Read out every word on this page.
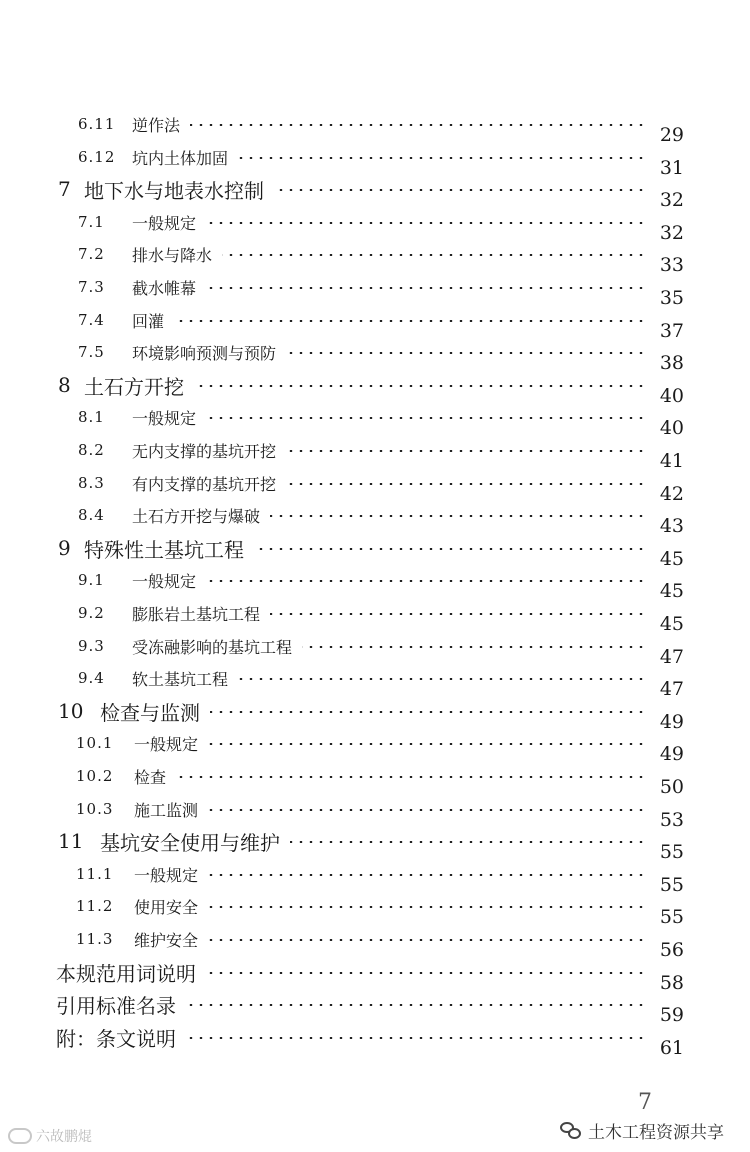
6.11 逆作法	29
6.12 坑内土体加固	31
7 地下水与地表水控制	32
7.1 一般规定	32
7.2 排水与降水	33
7.3 截水帷幕	35
7.4 回灌	37
7.5 环境影响预测与预防	38
8 土石方开挖	40
8.1 一般规定	40
8.2 无内支撑的基坑开挖	41
8.3 有内支撑的基坑开挖	42
8.4 土石方开挖与爆破	43
9 特殊性土基坑工程	45
9.1 一般规定	45
9.2 膨胀岩土基坑工程	45
9.3 受冻融影响的基坑工程	47
9.4 软土基坑工程	47
10 检查与监测	49
10.1 一般规定	49
10.2 检查	50
10.3 施工监测	53
11 基坑安全使用与维护	55
11.1 一般规定	55
11.2 使用安全	55
11.3 维护安全	56
本规范用词说明	58
引用标准名录	59
附：条文说明	61
7
土木工程资源共享
六故鹏焜
